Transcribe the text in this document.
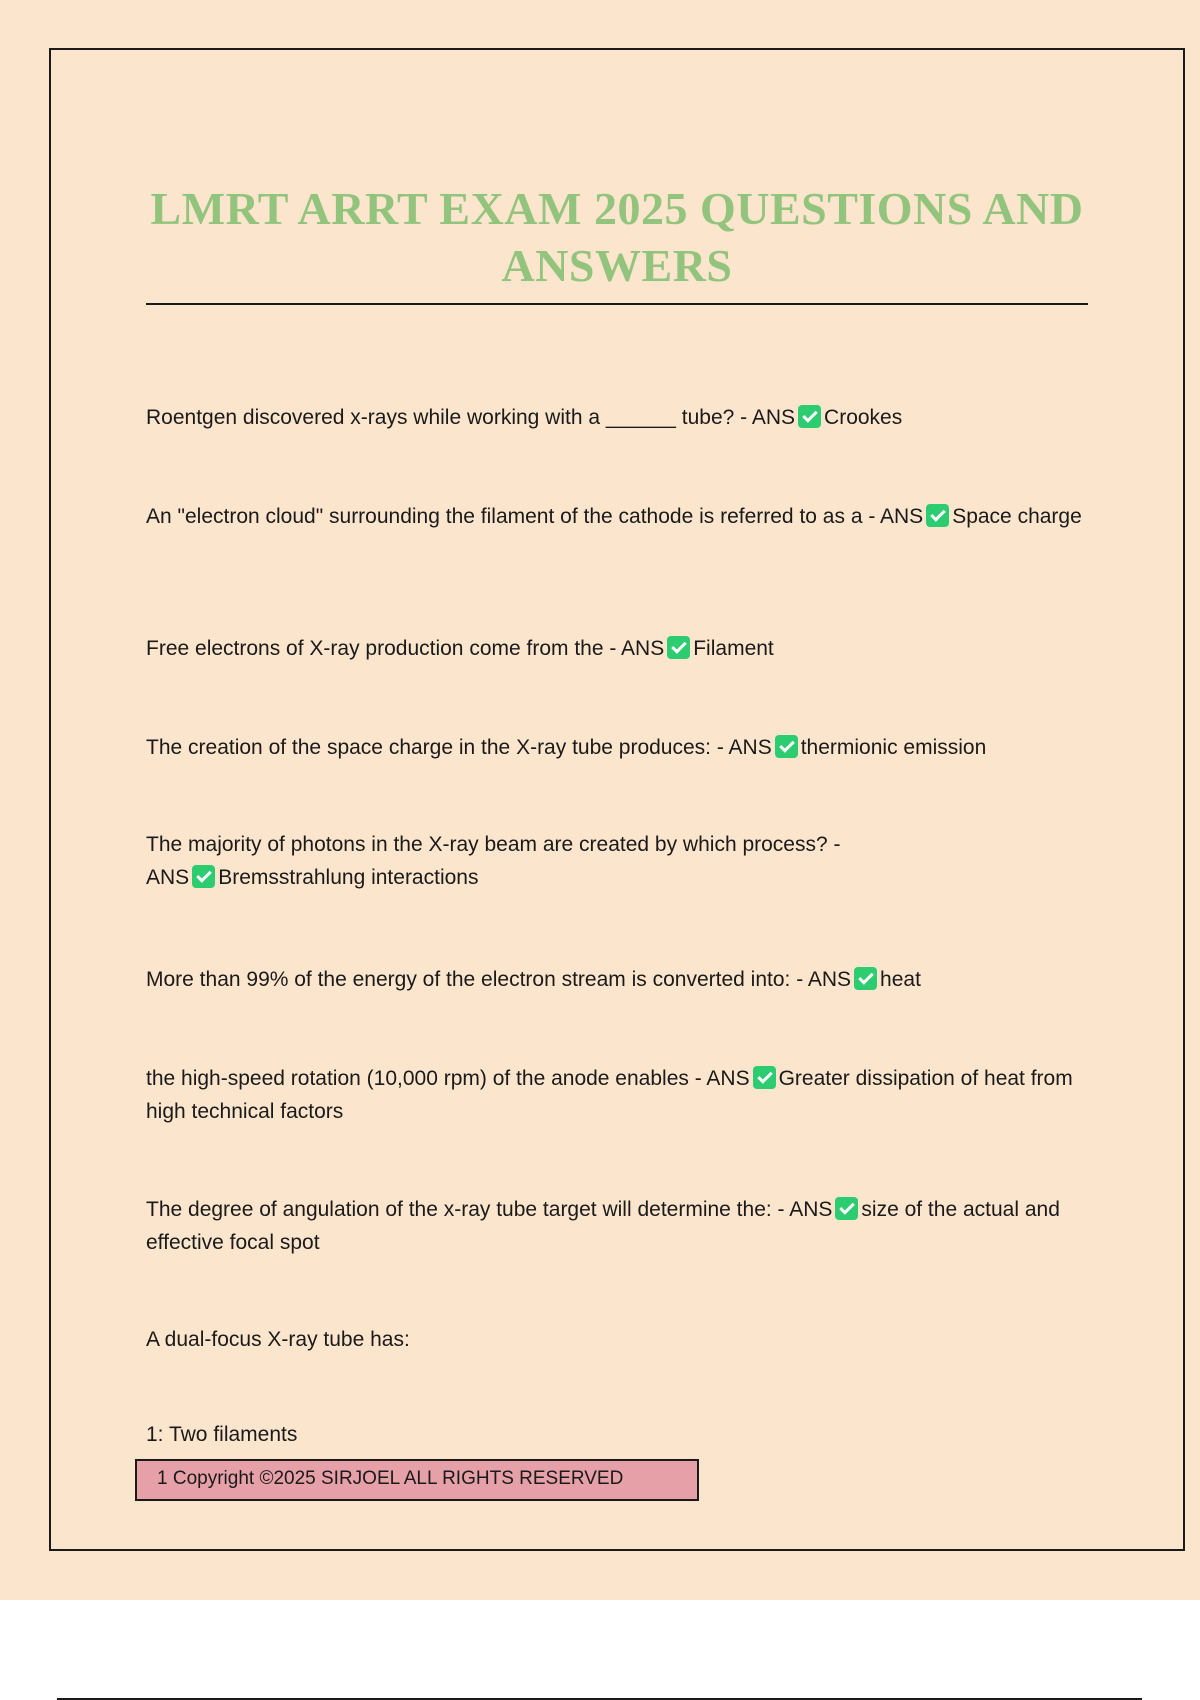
LMRT ARRT EXAM 2025 QUESTIONS AND ANSWERS
Roentgen discovered x-rays while working with a ______ tube? - ANS Crookes
An "electron cloud" surrounding the filament of the cathode is referred to as a - ANS Space charge
Free electrons of X-ray production come from the - ANS Filament
The creation of the space charge in the X-ray tube produces: - ANS thermionic emission
The majority of photons in the X-ray beam are created by which process? -
ANS Bremsstrahlung interactions
More than 99% of the energy of the electron stream is converted into: - ANS heat
the high-speed rotation (10,000 rpm) of the anode enables - ANS Greater dissipation of heat from high technical factors
The degree of angulation of the x-ray tube target will determine the: - ANS size of the actual and effective focal spot
A dual-focus X-ray tube has:
1: Two filaments
1 Copyright ©2025 SIRJOEL ALL RIGHTS RESERVED
